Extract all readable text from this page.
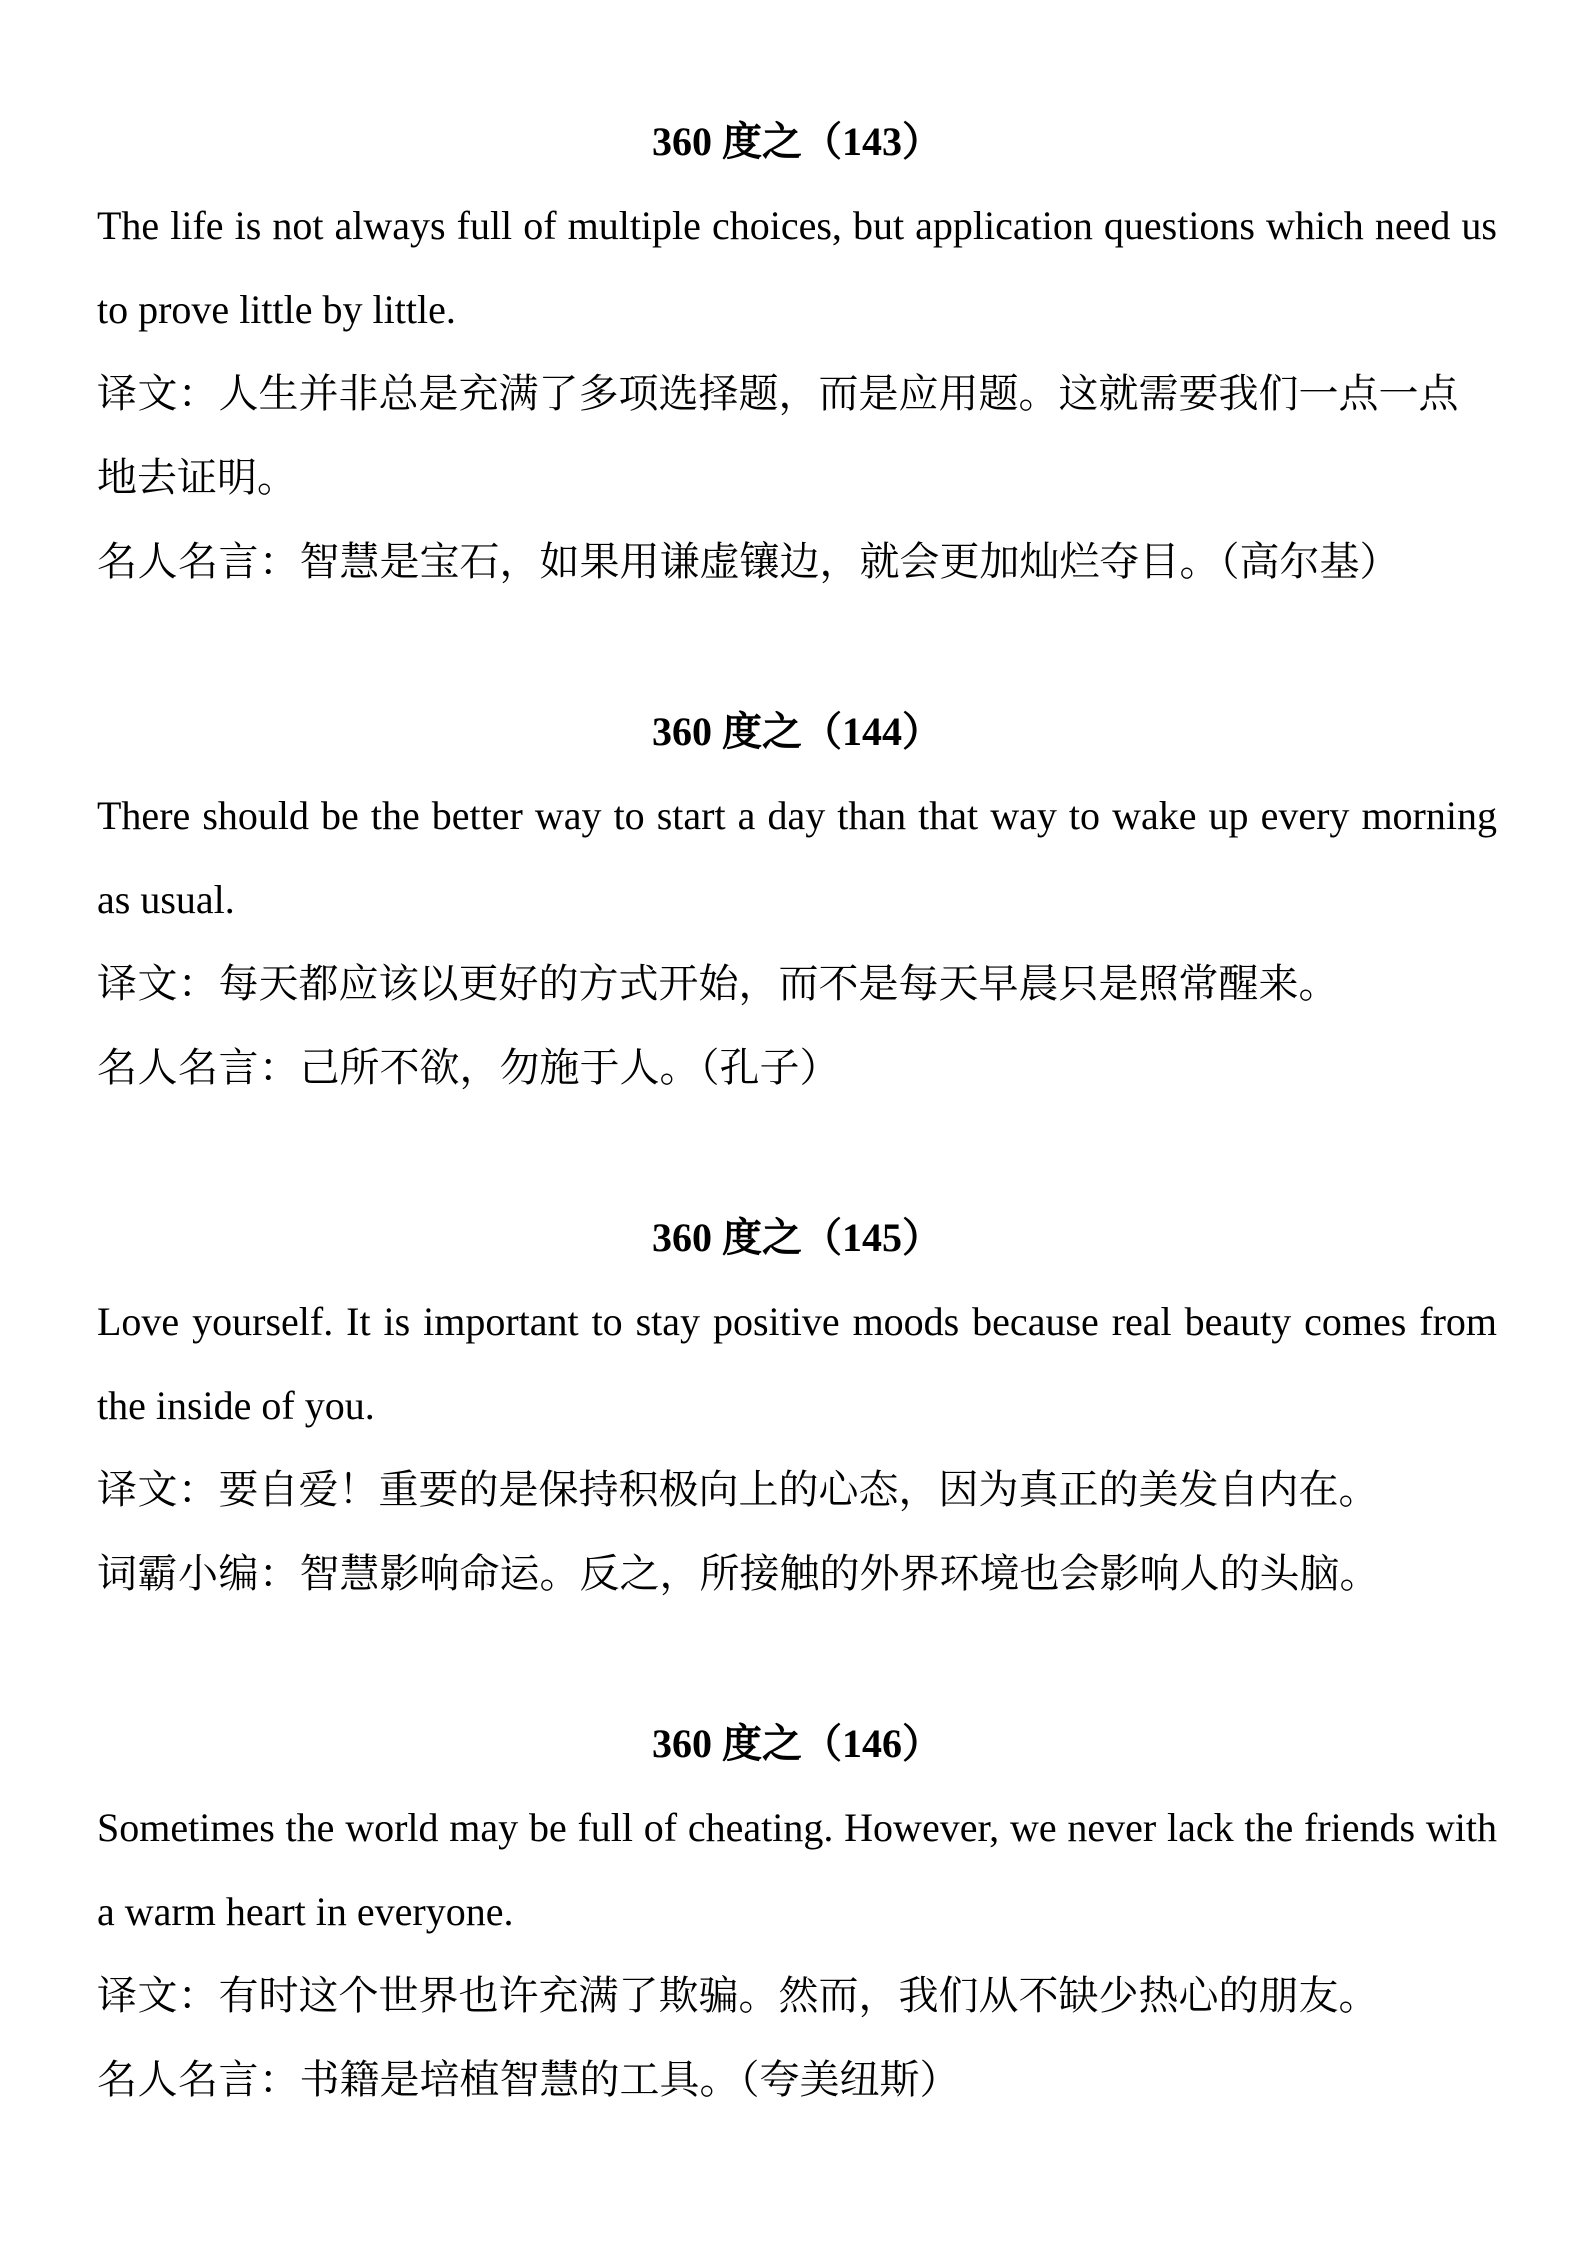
360 度之（143）

The life is not always full of multiple choices, but application questions which need us to prove little by little.

译文：人生并非总是充满了多项选择题，而是应用题。这就需要我们一点一点地去证明。

名人名言：智慧是宝石，如果用谦虚镶边，就会更加灿烂夺目。（高尔基）

360 度之（144）

There should be the better way to start a day than that way to wake up every morning as usual.

译文：每天都应该以更好的方式开始，而不是每天早晨只是照常醒来。

名人名言：己所不欲，勿施于人。（孔子）

360 度之（145）

Love yourself. It is important to stay positive moods because real beauty comes from the inside of you.

译文：要自爱！重要的是保持积极向上的心态，因为真正的美发自内在。

词霸小编：智慧影响命运。反之，所接触的外界环境也会影响人的头脑。

360 度之（146）

Sometimes the world may be full of cheating. However, we never lack the friends with a warm heart in everyone.

译文：有时这个世界也许充满了欺骗。然而，我们从不缺少热心的朋友。

名人名言：书籍是培植智慧的工具。（夸美纽斯）
